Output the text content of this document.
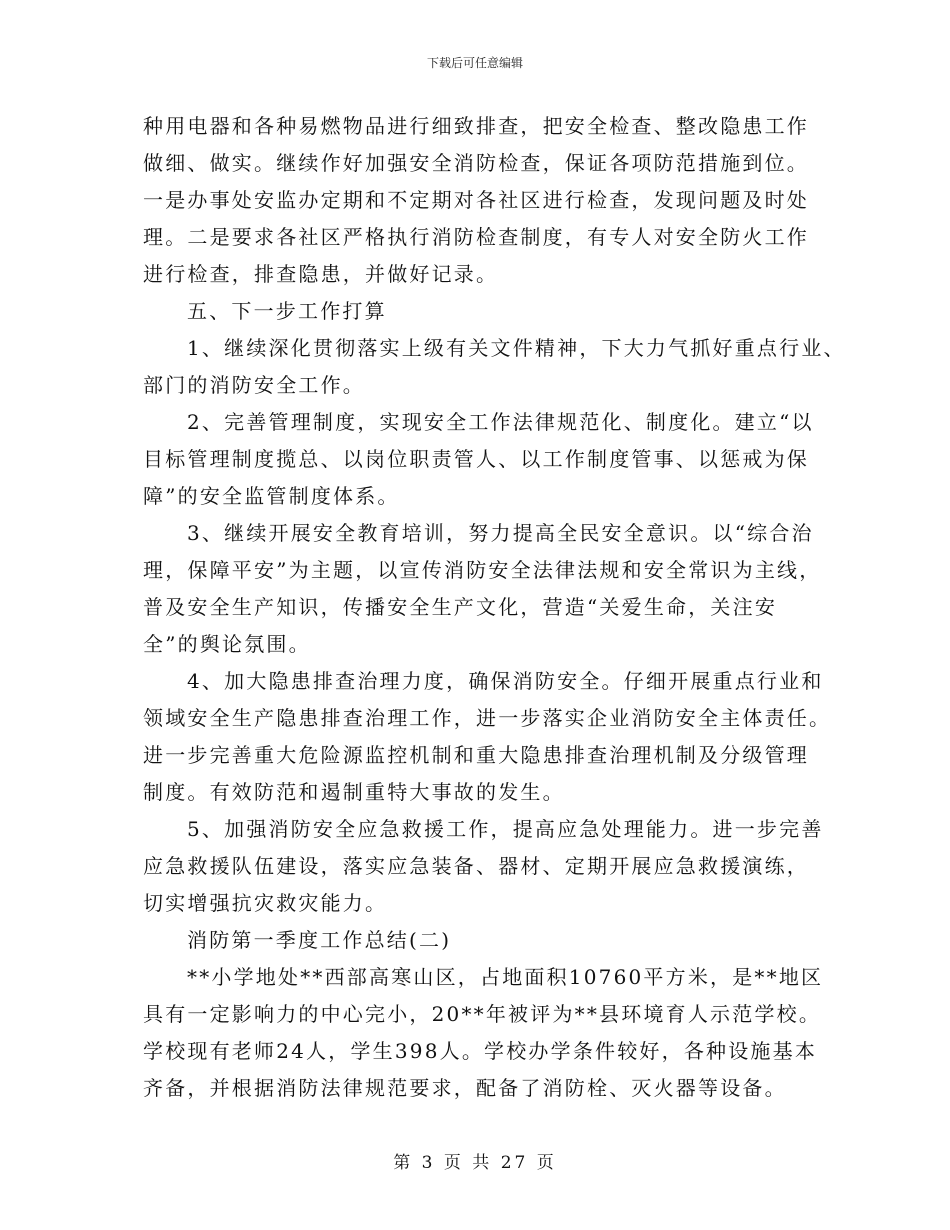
下载后可任意编辑
种用电器和各种易燃物品进行细致排查，把安全检查、整改隐患工作
做细、做实。继续作好加强安全消防检查，保证各项防范措施到位。
一是办事处安监办定期和不定期对各社区进行检查，发现问题及时处
理。二是要求各社区严格执行消防检查制度，有专人对安全防火工作
进行检查，排查隐患，并做好记录。
五、下一步工作打算
1、继续深化贯彻落实上级有关文件精神，下大力气抓好重点行业、
部门的消防安全工作。
2、完善管理制度，实现安全工作法律规范化、制度化。建立“以
目标管理制度揽总、以岗位职责管人、以工作制度管事、以惩戒为保
障”的安全监管制度体系。
3、继续开展安全教育培训，努力提高全民安全意识。以“综合治
理，保障平安”为主题，以宣传消防安全法律法规和安全常识为主线，
普及安全生产知识，传播安全生产文化，营造“关爱生命，关注安
全”的舆论氛围。
4、加大隐患排查治理力度，确保消防安全。仔细开展重点行业和
领域安全生产隐患排查治理工作，进一步落实企业消防安全主体责任。
进一步完善重大危险源监控机制和重大隐患排查治理机制及分级管理
制度。有效防范和遏制重特大事故的发生。
5、加强消防安全应急救援工作，提高应急处理能力。进一步完善
应急救援队伍建设，落实应急装备、器材、定期开展应急救援演练，
切实增强抗灾救灾能力。
消防第一季度工作总结(二)
**小学地处**西部高寒山区，占地面积10760平方米，是**地区
具有一定影响力的中心完小，20**年被评为**县环境育人示范学校。
学校现有老师24人，学生398人。学校办学条件较好，各种设施基本
齐备，并根据消防法律规范要求，配备了消防栓、灭火器等设备。
第 3 页 共 27 页
